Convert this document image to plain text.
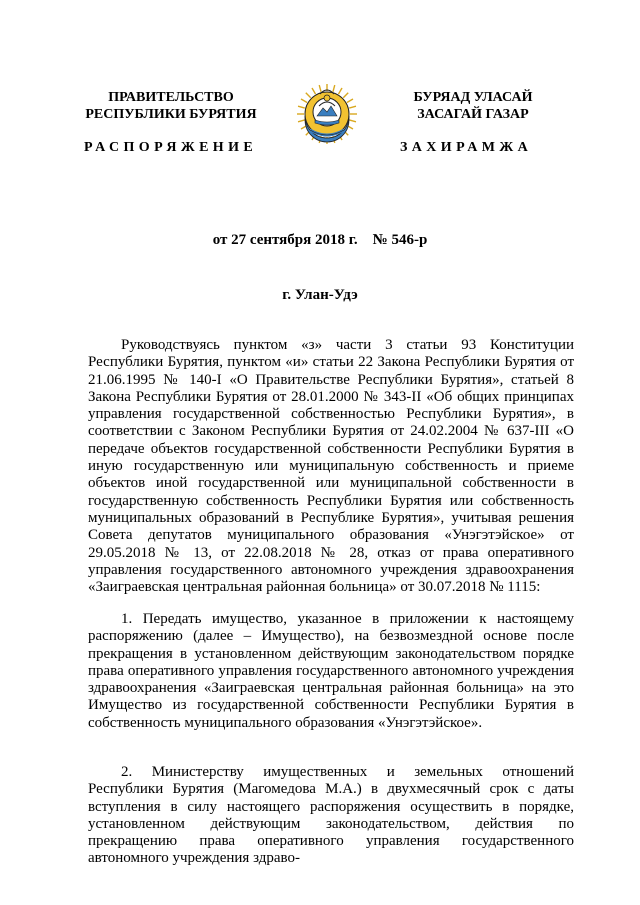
ПРАВИТЕЛЬСТВО
РЕСПУБЛИКИ БУРЯТИЯ
РАСПОРЯЖЕНИЕ
БУРЯАД УЛАСАЙ
ЗАСАГАЙ ГАЗАР
ЗАХИРАМЖА
от 27 сентября 2018 г.    № 546-р
г. Улан-Удэ

Руководствуясь пунктом «з» части 3 статьи 93 Конституции Республики Бурятия, пунктом «и» статьи 22 Закона Республики Бурятия от 21.06.1995 № 140-I «О Правительстве Республики Бурятия», статьей 8 Закона Республики Бурятия от 28.01.2000 № 343-II «Об общих принципах управления государственной собственностью Республики Бурятия», в соответствии с Законом Республики Бурятия от 24.02.2004 № 637-III «О передаче объектов государственной собственности Республики Бурятия в иную государственную или муниципальную собственность и приеме объектов иной государственной или муниципальной собственности в государственную собственность Республики Бурятия или собственность муниципальных образований в Республике Бурятия», учитывая решения Совета депутатов муниципального образования «Унэгэтэйское» от 29.05.2018 № 13, от 22.08.2018 № 28, отказ от права оперативного управления государственного автономного учреждения здравоохранения «Заиграевская центральная районная больница» от 30.07.2018 № 1115:

1. Передать имущество, указанное в приложении к настоящему распоряжению (далее – Имущество), на безвозмездной основе после прекращения в установленном действующим законодательством порядке права оперативного управления государственного автономного учреждения здравоохранения «Заиграевская центральная районная больница» на это Имущество из государственной собственности Республики Бурятия в собственность муниципального образования «Унэгэтэйское».

2. Министерству имущественных и земельных отношений Республики Бурятия (Магомедова М.А.) в двухмесячный срок с даты вступления в силу настоящего распоряжения осуществить в порядке, установленном действующим законодательством, действия по прекращению права оперативного управления государственного автономного учреждения здраво-
